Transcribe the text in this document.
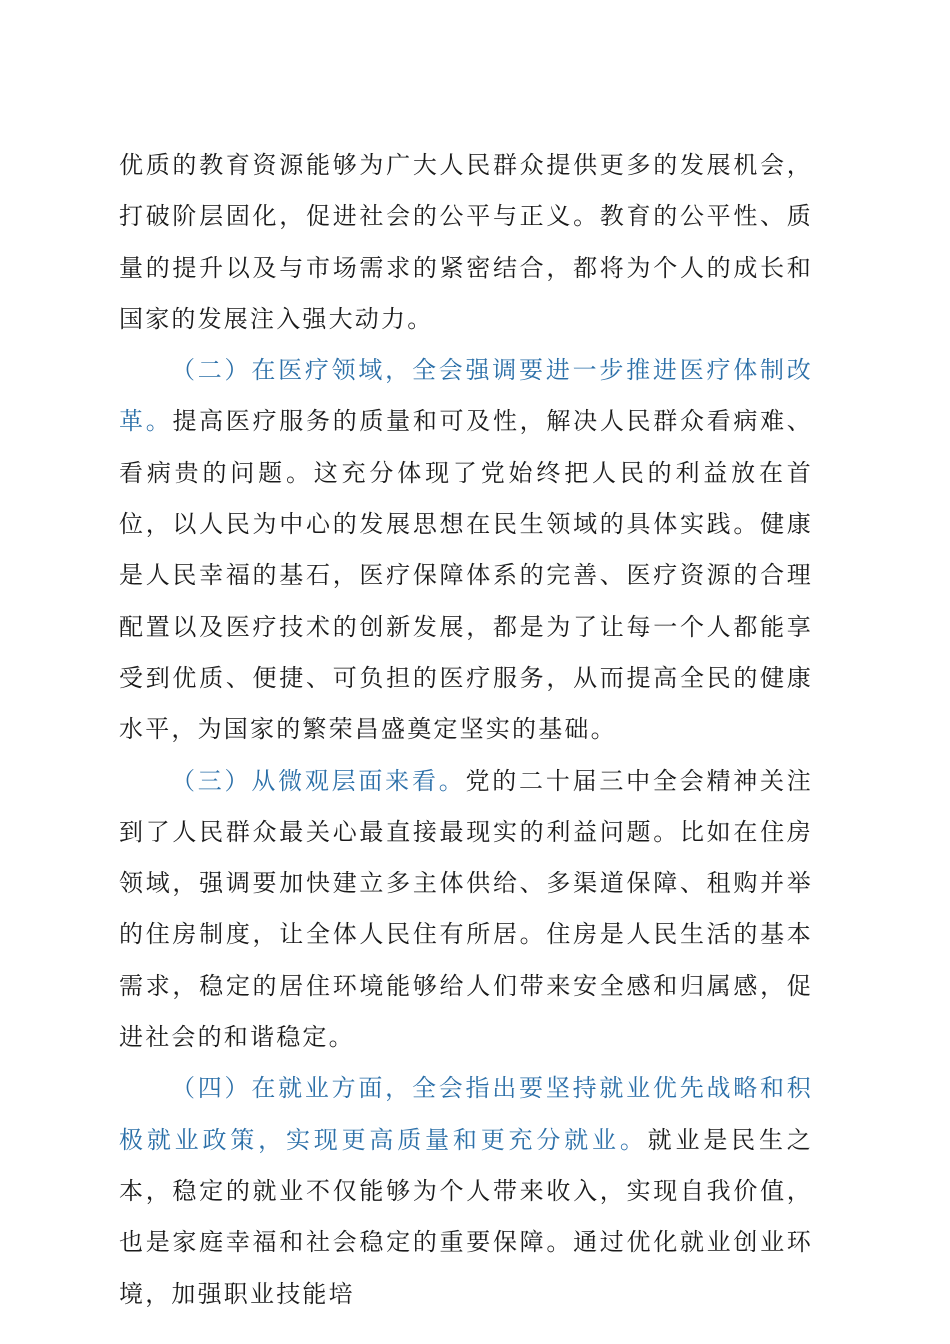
优质的教育资源能够为广大人民群众提供更多的发展机会，打破阶层固化，促进社会的公平与正义。教育的公平性、质量的提升以及与市场需求的紧密结合，都将为个人的成长和国家的发展注入强大动力。

（二）在医疗领域，全会强调要进一步推进医疗体制改革。提高医疗服务的质量和可及性，解决人民群众看病难、看病贵的问题。这充分体现了党始终把人民的利益放在首位，以人民为中心的发展思想在民生领域的具体实践。健康是人民幸福的基石，医疗保障体系的完善、医疗资源的合理配置以及医疗技术的创新发展，都是为了让每一个人都能享受到优质、便捷、可负担的医疗服务，从而提高全民的健康水平，为国家的繁荣昌盛奠定坚实的基础。

（三）从微观层面来看。党的二十届三中全会精神关注到了人民群众最关心最直接最现实的利益问题。比如在住房领域，强调要加快建立多主体供给、多渠道保障、租购并举的住房制度，让全体人民住有所居。住房是人民生活的基本需求，稳定的居住环境能够给人们带来安全感和归属感，促进社会的和谐稳定。

（四）在就业方面，全会指出要坚持就业优先战略和积极就业政策，实现更高质量和更充分就业。就业是民生之本，稳定的就业不仅能够为个人带来收入，实现自我价值，也是家庭幸福和社会稳定的重要保障。通过优化就业创业环境，加强职业技能培
